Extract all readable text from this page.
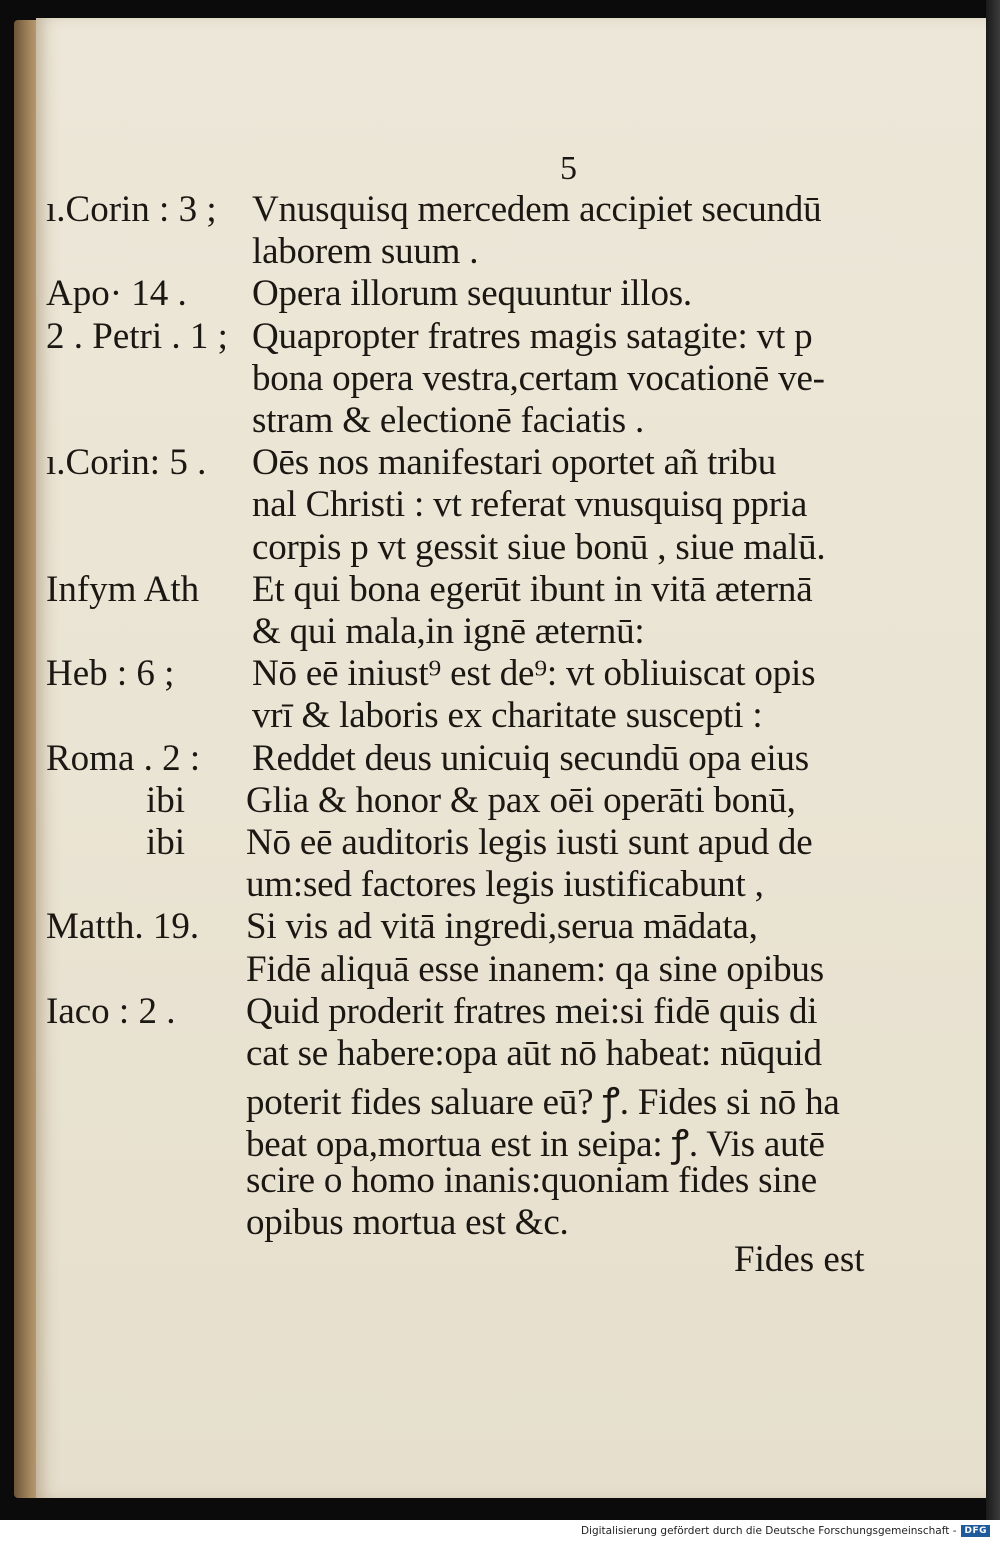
5
ı.Corin : 3 ;
Apo· 14 .
2 . Petri . 1 ;
ı.Corin: 5 .
Infym Ath
Heb : 6 ;
Roma . 2 :
ibi
ibi
Matth. 19.
Iaco : 2 .
Vnusquisq mercedem accipiet secundū
laborem suum .
Opera illorum sequuntur illos.
Quapropter fratres magis satagite: vt p
bona opera vestra,certam vocationē ve-
stram & electionē faciatis .
Oēs nos manifestari oportet añ tribu
nal Christi : vt referat vnusquisq ppria
corpis p vt gessit siue bonū , siue malū.
Et qui bona egerūt ibunt in vitā æternā
& qui mala,in ignē æternū:
Nō eē iniust⁹ est de⁹: vt obliuiscat opis
vrī & laboris ex charitate suscepti :
Reddet deus unicuiq secundū opa eius
Glia & honor & pax oēi operāti bonū,
Nō eē auditoris legis iusti sunt apud de
um:sed factores legis iustificabunt ,
Si vis ad vitā ingredi,serua mādata,
Fidē aliquā esse inanem: qa sine opibus
Quid proderit fratres mei:si fidē quis di
cat se habere:opa aūt nō habeat: nūquid
poterit fides saluare eū? ꝭ. Fides si nō ha
beat opa,mortua est in seipa: ꝭ. Vis autē
scire o homo inanis:quoniam fides sine
opibus mortua est &c.
Fides est
Digitalisierung gefördert durch die Deutsche Forschungsgemeinschaft - DFG
